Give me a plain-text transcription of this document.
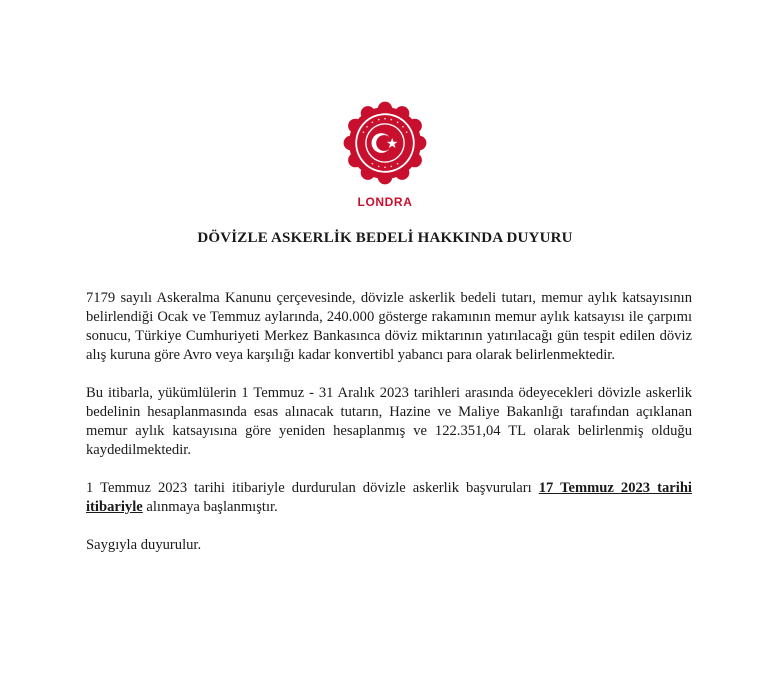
LONDRA
DÖVİZLE ASKERLİK BEDELİ HAKKINDA DUYURU

7179 sayılı Askeralma Kanunu çerçevesinde, dövizle askerlik bedeli tutarı, memur aylık katsayısının belirlendiği Ocak ve Temmuz aylarında, 240.000 gösterge rakamının memur aylık katsayısı ile çarpımı sonucu, Türkiye Cumhuriyeti Merkez Bankasınca döviz miktarının yatırılacağı gün tespit edilen döviz alış kuruna göre Avro veya karşılığı kadar konvertibl yabancı para olarak belirlenmektedir.

Bu itibarla, yükümlülerin 1 Temmuz - 31 Aralık 2023 tarihleri arasında ödeyecekleri dövizle askerlik bedelinin hesaplanmasında esas alınacak tutarın, Hazine ve Maliye Bakanlığı tarafından açıklanan memur aylık katsayısına göre yeniden hesaplanmış ve 122.351,04 TL olarak belirlenmiş olduğu kaydedilmektedir.

1 Temmuz 2023 tarihi itibariyle durdurulan dövizle askerlik başvuruları 17 Temmuz 2023 tarihi itibariyle alınmaya başlanmıştır.

Saygıyla duyurulur.
